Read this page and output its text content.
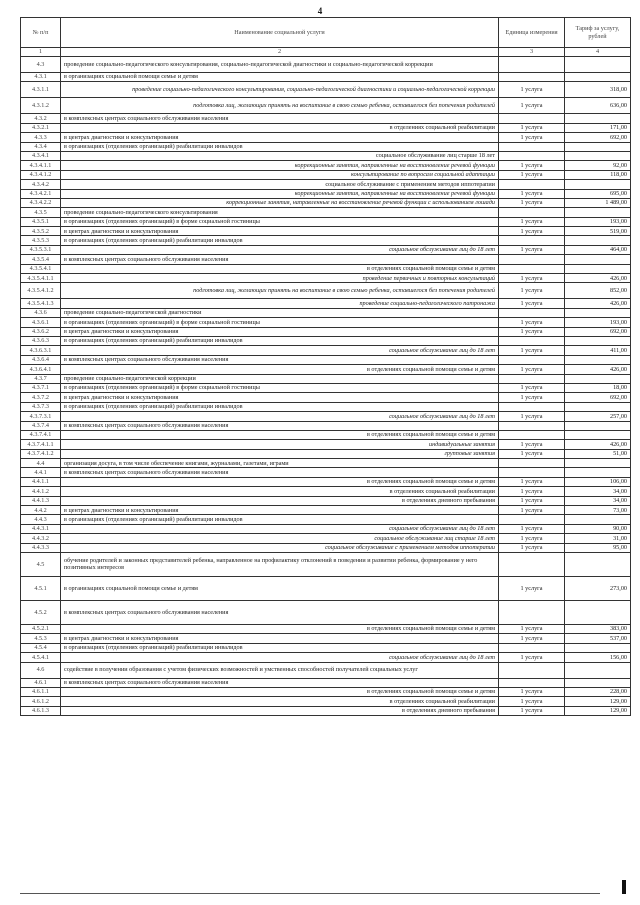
4
№ п/п	Наименование социальной услуги	Единица измерения	Тариф за услугу, рублей
1	2	3	4
4.3	проведение социально-педагогического консультирования, социально-педагогической диагностики и социально-педагогической коррекции		
4.3.1	в организациях социальной помощи семье и детям		
4.3.1.1	проведение социально-педагогического консультирования, социально-педагогической диагностики и социально-педагогической коррекции	1 услуга	318,00
4.3.1.2	подготовка лиц, желающих принять на воспитание в свою семью ребенка, оставшегося без попечения родителей	1 услуга	636,00
4.3.2	в комплексных центрах социального обслуживания населения		
4.3.2.1	в отделениях социальной реабилитации	1 услуга	171,00
4.3.3	в центрах диагностики и консультирования	1 услуга	692,00
4.3.4	в организациях (отделениях организаций) реабилитации инвалидов		
4.3.4.1	социальное обслуживание лиц старше 18 лет		
4.3.4.1.1	коррекционные занятия, направленные на восстановление речевой функции	1 услуга	92,00
4.3.4.1.2	консультирование по вопросам социальной адаптации	1 услуга	118,00
4.3.4.2	социальное обслуживание с применением методов иппотерапии		
4.3.4.2.1	коррекционные занятия, направленные на восстановление речевой функции	1 услуга	695,00
4.3.4.2.2	коррекционные занятия, направленные на восстановление речевой функции с использованием лошади	1 услуга	1 489,00
4.3.5	проведение социально-педагогического консультирования		
4.3.5.1	в организациях (отделениях организаций) в форме социальной гостиницы	1 услуга	193,00
4.3.5.2	в центрах диагностики и консультирования	1 услуга	519,00
4.3.5.3	в организациях (отделениях организаций) реабилитации инвалидов		
4.3.5.3.1	социальное обслуживание лиц до 18 лет	1 услуга	464,00
4.3.5.4	в комплексных центрах социального обслуживания населения		
4.3.5.4.1	в отделениях социальной помощи семье и детям		
4.3.5.4.1.1	проведение первичных и повторных консультаций	1 услуга	426,00
4.3.5.4.1.2	подготовка лиц, желающих принять на воспитание в свою семью ребенка, оставшегося без попечения родителей	1 услуга	852,00
4.3.5.4.1.3	проведение социально-педагогического патронажа	1 услуга	426,00
4.3.6	проведение социально-педагогической диагностики		
4.3.6.1	в организациях (отделениях организаций) в форме социальной гостиницы	1 услуга	193,00
4.3.6.2	в центрах диагностики и консультирования	1 услуга	692,00
4.3.6.3	в организациях (отделениях организаций) реабилитации инвалидов		
4.3.6.3.1	социальное обслуживание лиц до 18 лет	1 услуга	411,00
4.3.6.4	в комплексных центрах социального обслуживания населения		
4.3.6.4.1	в отделениях социальной помощи семье и детям	1 услуга	426,00
4.3.7	проведение социально-педагогической коррекции		
4.3.7.1	в организациях (отделениях организаций) в форме социальной гостиницы	1 услуга	18,00
4.3.7.2	в центрах диагностики и консультирования	1 услуга	692,00
4.3.7.3	в организациях (отделениях организаций) реабилитации инвалидов		
4.3.7.3.1	социальное обслуживание лиц до 18 лет	1 услуга	257,00
4.3.7.4	в комплексных центрах социального обслуживания населения		
4.3.7.4.1	в отделениях социальной помощи семье и детям		
4.3.7.4.1.1	индивидуальные занятия	1 услуга	426,00
4.3.7.4.1.2	групповые занятия	1 услуга	51,00
4.4	организация досуга, в том числе обеспечение книгами, журналами, газетами, играми		
4.4.1	в комплексных центрах социального обслуживания населения		
4.4.1.1	в отделениях социальной помощи семье и детям	1 услуга	106,00
4.4.1.2	в отделениях социальной реабилитации	1 услуга	34,00
4.4.1.3	в отделениях дневного пребывания	1 услуга	34,00
4.4.2	в центрах диагностики и консультирования	1 услуга	73,00
4.4.3	в организациях (отделениях организаций) реабилитации инвалидов		
4.4.3.1	социальное обслуживание лиц до 18 лет	1 услуга	90,00
4.4.3.2	социальное обслуживание лиц старше 18 лет	1 услуга	31,00
4.4.3.3	социальное обслуживание с применением методов иппотерапии	1 услуга	95,00
4.5	обучение родителей и законных представителей ребенка, направленное на профилактику отклонений в поведении и развитии ребенка, формирование у него позитивных интересов		
4.5.1	в организациях социальной помощи семье и детям	1 услуга	273,00
4.5.2	в комплексных центрах социального обслуживания населения		
4.5.2.1	в отделениях социальной помощи семье и детям	1 услуга	383,00
4.5.3	в центрах диагностики и консультирования	1 услуга	537,00
4.5.4	в организациях (отделениях организаций) реабилитации инвалидов		
4.5.4.1	социальное обслуживание лиц до 18 лет	1 услуга	156,00
4.6	содействие в получении образования с учетом физических возможностей и умственных способностей получателей социальных услуг		
4.6.1	в комплексных центрах социального обслуживания населения		
4.6.1.1	в отделениях социальной помощи семье и детям	1 услуга	228,00
4.6.1.2	в отделениях социальной реабилитации	1 услуга	129,00
4.6.1.3	в отделениях дневного пребывания	1 услуга	129,00
